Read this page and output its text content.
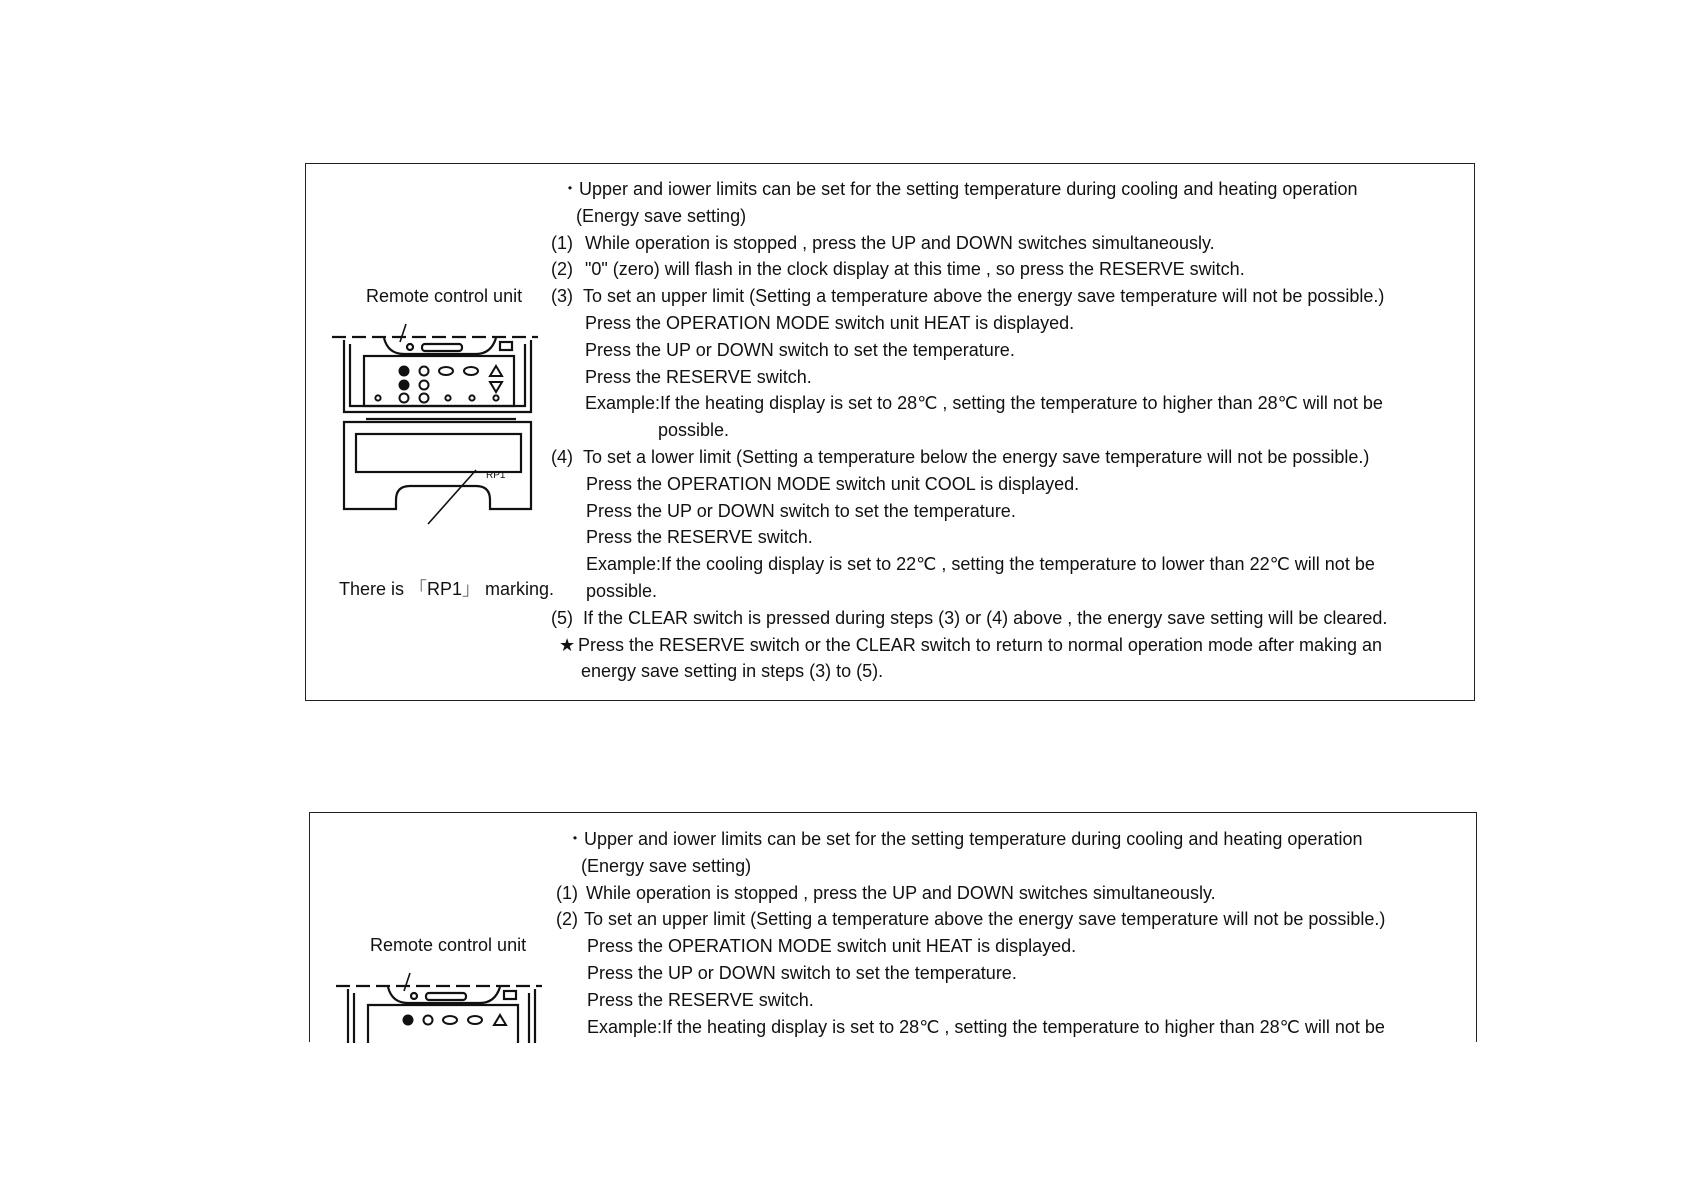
Remote control unit
RP1
There is 「RP1」 marking.
・ Upper and iower limits can be set for the setting temperature during cooling and heating operation
(Energy save setting)
(1) While operation is stopped , press the UP and DOWN switches simultaneously.
(2) "0" (zero) will flash in the clock display at this time , so press the RESERVE switch.
(3) To set an upper limit (Setting a temperature above the energy save temperature will not be possible.)
Press the OPERATION MODE switch unit HEAT is displayed.
Press the UP or DOWN switch to set the temperature.
Press the RESERVE switch.
Example:If the heating display is set to 28℃ , setting the temperature to higher than 28℃ will not be
possible.
(4) To set a lower limit (Setting a temperature below the energy save temperature will not be possible.)
Press the OPERATION MODE switch unit COOL is displayed.
Press the UP or DOWN switch to set the temperature.
Press the RESERVE switch.
Example:If the cooling display is set to 22℃ , setting the temperature to lower than 22℃ will not be
possible.
(5) If the CLEAR switch is pressed during steps (3) or (4) above , the energy save setting will be cleared.
★ Press the RESERVE switch or the CLEAR switch to return to normal operation mode after making an
energy save setting in steps (3) to (5).
Remote control unit
・ Upper and iower limits can be set for the setting temperature during cooling and heating operation
(Energy save setting)
(1) While operation is stopped , press the UP and DOWN switches simultaneously.
(2) To set an upper limit (Setting a temperature above the energy save temperature will not be possible.)
Press the OPERATION MODE switch unit HEAT is displayed.
Press the UP or DOWN switch to set the temperature.
Press the RESERVE switch.
Example:If the heating display is set to 28℃ , setting the temperature to higher than 28℃ will not be
